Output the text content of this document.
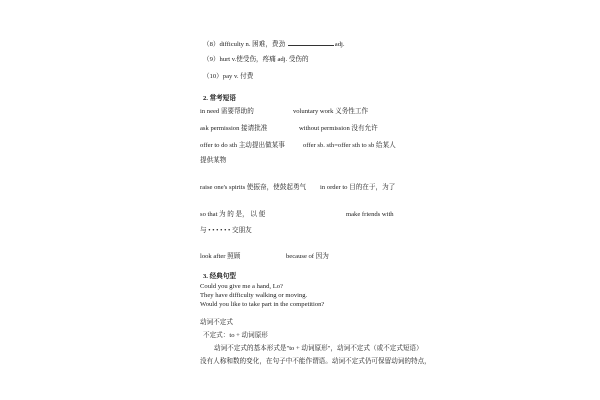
（8）difficulty n. 困难，费劲	adj.
（9）hurt v.使受伤，疼痛 adj. 受伤的
（10）pay v. 付费
2. 常考短语
in need 需要帮助的	voluntary work 义务性工作
ask permission 接请批准	without permission 没有允许
offer to do sth 主动提出做某事	offer sb. sth=offer sth to sb 给某人
提供某物
raise one's spirits 使振奋，使鼓起勇气 in order to 目的在于，为了
so that 为 的 是， 以 便	make friends with
与 • • • • • • 交朋友
look after 照顾	because of 因为
3. 经典句型
Could you give me a hand, Lo?
They have difficulty walking or moving.
Would you like to take part in the competition?
动词不定式
不定式：to + 动词原形
动词不定式的基本形式是"to + 动词原形"，动词不定式（或不定式短语）
没有人称和数的变化，在句子中不能作谓语。动词不定式仍可保留动词的特点，
